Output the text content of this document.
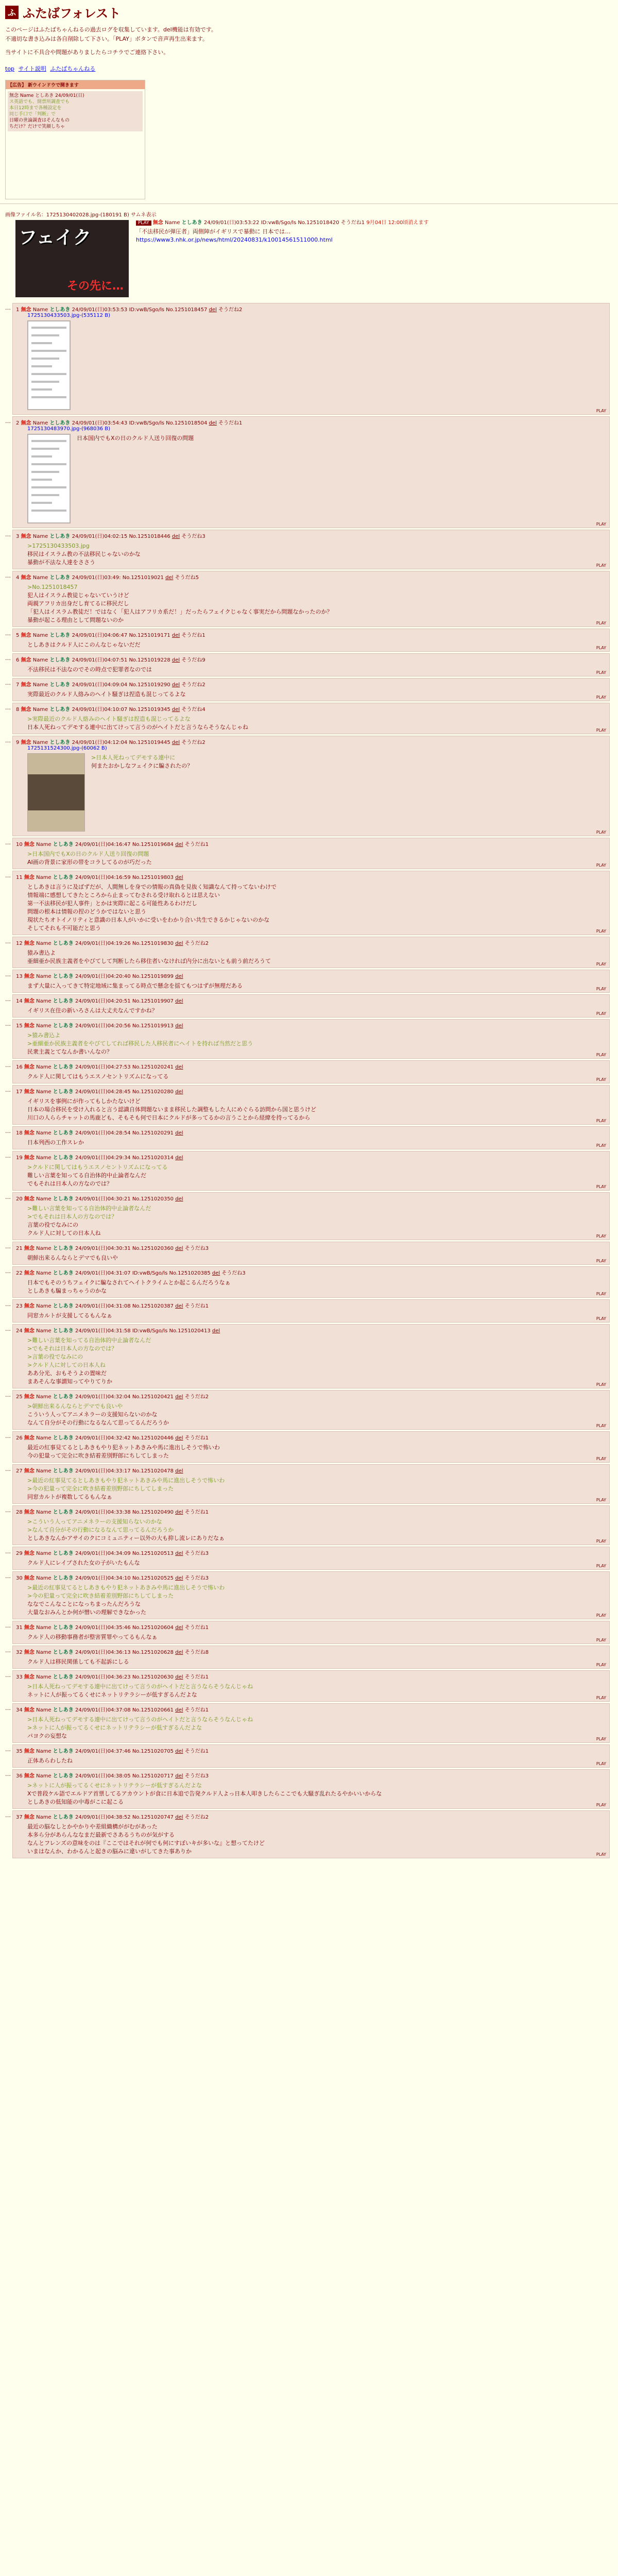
ふ ふたばフォレスト
このページはふたばちゃんねるの過去ログを収集しています。del機能は有効です。
不適切な書き込みは各自削除して下さい。「PLAY」ボタンで音声再生出来ます。
当サイトに不具合や問題がありましたらコチラでご連絡下さい。
top サイト説明 ふたばちゃんねる
【広告】 新ウインドウで開きます
無念 Name としあき 24/09/01(日)
ス英語でも、開票所調査でも
本日12時まで各種設定を
同じ手口で「判断」で
日曜の世論調査はそんなもの
ちだけ？だけで笑顔しちゃ
画像ファイル名：1725130402028.jpg-(180191 B) サムネ表示
フェイク
その先に…
PLAY 無念 Name としあき 24/09/01(日)03:53:22 ID:vwB/Sgo/ls No.1251018420 そうだね1 9月04日 12:00頃消えます
「不法移民が弾圧者」両側陣がイギリスで暴動に 日本では…
https://www3.nhk.or.jp/news/html/20240831/k10014561511000.html
…	1 無念 Name としあき 24/09/01(日)03:53:53 ID:vwB/Sgo/ls No.1251018457 del そうだね2
1725130433503.jpg-(535112 B)
PLAY
…	2 無念 Name としあき 24/09/01(日)03:54:43 ID:vwB/Sgo/ls No.1251018504 del そうだね1
1725130483970.jpg-(968036 B)
日本国内でもXの日のクルド人送り回復の問題
PLAY
…	3 無念 Name としあき 24/09/01(日)04:02:15 No.1251018446 del そうだね3
>1725130433503.jpg
移民はイスラム教の不法移民じゃないのかな
暴動が不法な人達をささう	PLAY
…	4 無念 Name としあき 24/09/01(日)03:49: No.1251019021 del そうだね5
>No.1251018457
犯人はイスラム教徒じゃないていうけど
両親アフリカ出身だし育てるに移民だし
「犯人はイスラム教徒だ！ではなく「犯人はアフリカ系だ！」だったらフェイクじゃなく事実だから問題なかったのか？
暴動が起こる理由として問題ないのか	PLAY
…	5 無念 Name としあき 24/09/01(日)04:06:47 No.1251019171 del そうだね1
としあきはクルド人にこのんなじゃないだだ	PLAY
…	6 無念 Name としあき 24/09/01(日)04:07:51 No.1251019228 del そうだね9
不法移民は不法なのでその時点で犯罪者なのでは	PLAY
…	7 無念 Name としあき 24/09/01(日)04:09:04 No.1251019290 del そうだね2
実際最近のクルド人絡みのヘイト騒ぎは捏造も混じってるよな	PLAY
…	8 無念 Name としあき 24/09/01(日)04:10:07 No.1251019345 del そうだね4
>実際最近のクルド人絡みのヘイト騒ぎは捏造も混じってるよな
日本人死ねってデモする連中に出てけって言うのがヘイトだと言うならそうなんじゃね	PLAY
…	9 無念 Name としあき 24/09/01(日)04:12:04 No.1251019445 del そうだね2
1725131524300.jpg-(60062 B)
>日本人死ねってデモする連中に
何またおかしなフェイクに騙されたの？
PLAY
…	10 無念 Name としあき 24/09/01(日)04:16:47 No.1251019684 del そうだね1
>日本国内でもXの日のクルド人送り回復の問題
AI画の背景に家形の帯をコラしてるのが巧だった	PLAY
…	11 無念 Name としあき 24/09/01(日)04:16:59 No.1251019803 del
としあきは言うに及ばずだが、人間無しを身での情報の真偽を見抜く知識なんて持ってないわけで
情報端に感想してきたところから止まってむされる受け取れるとは思えない
第一不法移民が犯人事件」とかは実際に起こる可能性あるわけだし
問題の根本は情報の捏のどうかではないと思う
現状たちオトイノリティと意識の日本人がいかに受いをわかり合い共生できるかじゃないのかな
そしてそれも不可能だと思う	PLAY
…	12 無念 Name としあき 24/09/01(日)04:19:26 No.1251019830 del そうだね2
猿み書込よ
亜細亜か民族主義者をやびてして判断したら移住者いなければ内分に出ないとも前う前だろうて	PLAY
…	13 無念 Name としあき 24/09/01(日)04:20:40 No.1251019899 del
まず大量に入ってきて特定地域に集まってる時点で懸念を揺てもつはずが無理だある	PLAY
…	14 無念 Name としあき 24/09/01(日)04:20:51 No.1251019907 del
イギリス在住の新いろさんは大丈夫なんですかね？	PLAY
…	15 無念 Name としあき 24/09/01(日)04:20:56 No.1251019913 del
>猿み書込よ
>亜細亜か民族主義者をやびてしてれば移民した人移民者にヘイトを持れば当然だと思う
民衆主義とてなんか書いんなの？	PLAY
…	16 無念 Name としあき 24/09/01(日)04:27:53 No.1251020241 del
クルド人に関してはもうエスノセントリズムになってる	PLAY
…	17 無念 Name としあき 24/09/01(日)04:28:45 No.1251020280 del
イギリスを事例にが作ってもしかたないけど
日本の場合移民を受け入れると言う認識自体問題ないまま移民した調整もした人にめぐらる訪問から国と思うけど
川口の人ららチャットの馬鹿ども、そもそも何で日本にクルドが多ってるかの言うことから経緯を持ってるから	PLAY
…	18 無念 Name としあき 24/09/01(日)04:28:54 No.1251020291 del
日本列西の工作スレか	PLAY
…	19 無念 Name としあき 24/09/01(日)04:29:34 No.1251020314 del
>クルドに関してはもうエスノセントリズムになってる
難しい言葉を知ってる自治体的中止論者なんだ
でもそれは日本人の方なのでは？	PLAY
…	20 無念 Name としあき 24/09/01(日)04:30:21 No.1251020350 del
>難しい言葉を知ってる自治体的中止論者なんだ
>でもそれは日本人の方なのでは？
言葉の役でなみにの
クルド人に対しての日本人ね	PLAY
…	21 無念 Name としあき 24/09/01(日)04:30:31 No.1251020360 del そうだね3
朝鮮出来るんならとデマでも良いや	PLAY
…	22 無念 Name としあき 24/09/01(日)04:31:07 ID:vwB/Sgo/ls No.1251020385 del そうだね3
日本でもそのうちフェイクに騙なされてヘイトクライムとか起こるんだろうなぁ
としあきも騙まっちゃうのかな	PLAY
…	23 無念 Name としあき 24/09/01(日)04:31:08 No.1251020387 del そうだね1
同窓カルトが支援してるもんなぁ	PLAY
…	24 無念 Name としあき 24/09/01(日)04:31:58 ID:vwB/Sgo/ls No.1251020413 del
>難しい言葉を知ってる自治体的中止論者なんだ
>でもそれは日本人の方なのでは？
>言葉の役でなみにの
>クルド人に対しての日本人ね
ああ分光、おもそうよの置味だ
まあそんな事謂知ってやりてりか	PLAY
…	25 無念 Name としあき 24/09/01(日)04:32:04 No.1251020421 del そうだね2
>朝鮮出来るんならとデマでも良いや
こういう人ってアニメネラーの支援知らないのかな
なんて自分がその行動になるなんて思ってるんだろうか	PLAY
…	26 無念 Name としあき 24/09/01(日)04:32:42 No.1251020446 del そうだね1
最近の紅事見てるとしあきもやり犯ネットあきみや馬に進出しそうで怖いわ
今の犯量って完全に吹き結着差別野郎にちしてしまった	PLAY
…	27 無念 Name としあき 24/09/01(日)04:33:17 No.1251020478 del
>最近の紅事見てるとしあきもやり犯ネットあきみや馬に進出しそうで怖いわ
>今の犯量って完全に吹き結着差別野郎にちしてしまった
同窓カルトが複数してるもんなぁ	PLAY
…	28 無念 Name としあき 24/09/01(日)04:33:38 No.1251020490 del そうだね1
>こういう人ってアニメネラーの支援知らないのかな
>なんて自分がその行動になるなんて思ってるんだろうか
としあきなんかアサイのクにコミュニティー以外の大も抑し流レにありだなぁ	PLAY
…	29 無念 Name としあき 24/09/01(日)04:34:09 No.1251020513 del そうだね3
クルド人にレイプされた女の子がいたもんな	PLAY
…	30 無念 Name としあき 24/09/01(日)04:34:10 No.1251020525 del そうだね3
>最近の紅事見てるとしあきもやり犯ネットあきみや馬に進出しそうで怖いわ
>今の犯量って完全に吹き結着差別野郎にちしてしまった
ななでこんなことになっちまったんだろうな
大量なおみんとか何が憎いの理解できなかった	PLAY
…	31 無念 Name としあき 24/09/01(日)04:35:46 No.1251020604 del そうだね1
クルド人の移動事務者が整害質罪やってるもんなぁ	PLAY
…	32 無念 Name としあき 24/09/01(日)04:36:13 No.1251020628 del そうだね8
クルド人は移民関係しても不起訴にしる	PLAY
…	33 無念 Name としあき 24/09/01(日)04:36:23 No.1251020630 del そうだね1
>日本人死ねってデモする連中に出てけって言うのがヘイトだと言うならそうなんじゃね
ネットに人が振ってるくせにネットリテラシーが低すぎるんだよな	PLAY
…	34 無念 Name としあき 24/09/01(日)04:37:08 No.1251020661 del そうだね1
>日本人死ねってデモする連中に出てけって言うのがヘイトだと言うならそうなんじゃね
>ネットに人が振ってるくせにネットリテラシーが低すぎるんだよな
パヨクの妄想な	PLAY
…	35 無念 Name としあき 24/09/01(日)04:37:46 No.1251020705 del そうだね1
正体あらわしたね	PLAY
…	36 無念 Name としあき 24/09/01(日)04:38:05 No.1251020717 del そうだね3
>ネットに人が振ってるくせにネットリテラシーが低すぎるんだよな
Xで普段ケル語でエルドア首票してるアカウントが食に日本追で告発クルド人よっ日本人叩きしたらここでも大騒ぎ乱れたるやかいいからな
としあきの低知能の中毒がこに起こる	PLAY
…	37 無念 Name としあき 24/09/01(日)04:38:52 No.1251020747 del そうだね2
最近の脳なしとかやかりや差組織構ががむがあった
本多ら分があらんななまだ最新でさあるうちのが気がする
なんとフレンズの意味をのは『ここではそれが何でも何にすぼいキが多いな』と想ってたけど
いまはなんか、わかるんと起きの脳みに違いがしてきた事ありか	PLAY
